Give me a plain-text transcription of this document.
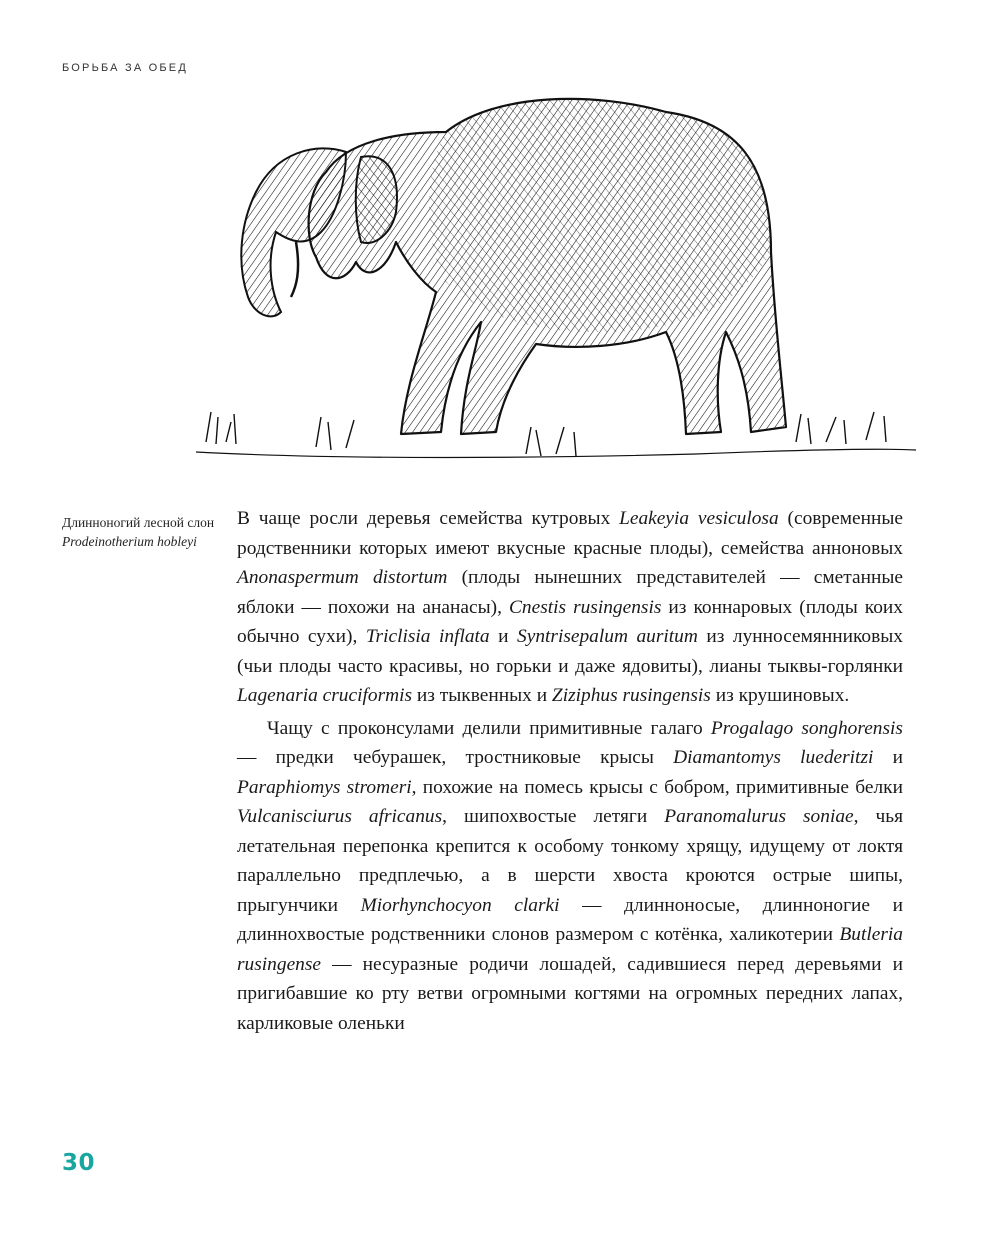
БОРЬБА ЗА ОБЕД
Длинноногий лесной слон Prodeinotherium hobleyi

В чаще росли деревья семейства кутровых Leakeyia vesiculosa (современные родственники которых имеют вкусные красные плоды), семейства анноновых Anonaspermum distortum (плоды нынешних представителей — сметанные яблоки — похожи на ананасы), Cnestis rusingensis из коннаровых (плоды коих обычно сухи), Triclisia inflata и Syntrisepalum auritum из лунносемянниковых (чьи плоды часто красивы, но горьки и даже ядовиты), лианы тыквы-горлянки Lagenaria cruciformis из тыквенных и Ziziphus rusingensis из крушиновых.

Чащу с проконсулами делили примитивные галаго Progalago songhorensis — предки чебурашек, тростниковые крысы Diamantomys luederitzi и Paraphiomys stromeri, похожие на помесь крысы с бобром, примитивные белки Vulcanisciurus africanus, шипохвостые летяги Paranomalurus soniae, чья летательная перепонка крепится к особому тонкому хрящу, идущему от локтя параллельно предплечью, а в шерсти хвоста кроются острые шипы, прыгунчики Miorhynchocyon clarki — длинноносые, длинноногие и длиннохвостые родственники слонов размером с котёнка, халикотерии Butleria rusingense — несуразные родичи лошадей, садившиеся перед деревьями и пригибавшие ко рту ветви огромными когтями на огромных передних лапах, карликовые оленьки

30
